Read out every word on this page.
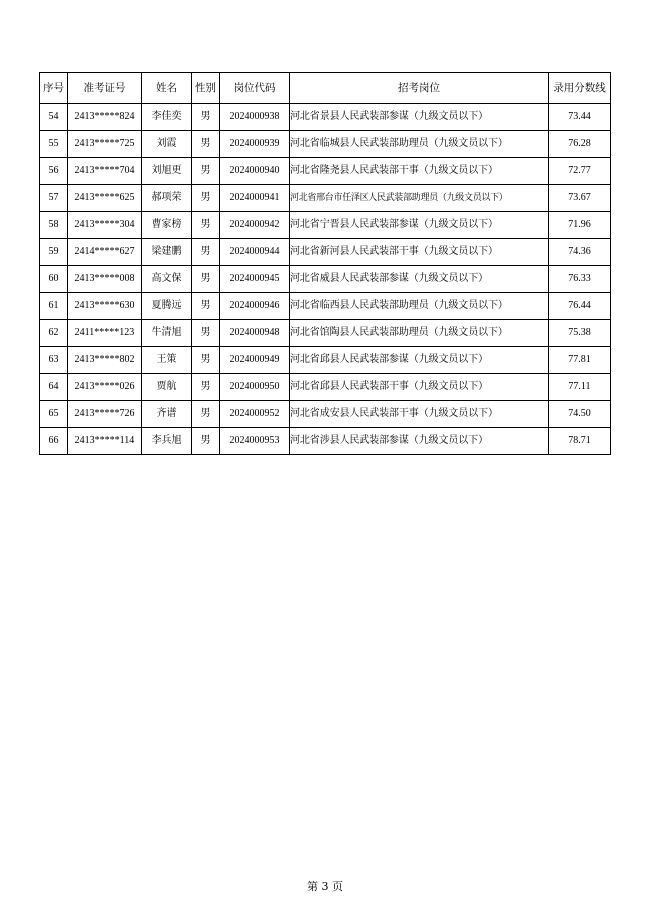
序号	准考证号	姓名	性别	岗位代码	招考岗位	录用分数线
54	2413*****824	李佳奕	男	2024000938	河北省景县人民武装部参谋（九级文员以下）	73.44
55	2413*****725	刘霞	男	2024000939	河北省临城县人民武装部助理员（九级文员以下）	76.28
56	2413*****704	刘旭更	男	2024000940	河北省隆尧县人民武装部干事（九级文员以下）	72.77
57	2413*****625	郝项荣	男	2024000941	河北省邢台市任泽区人民武装部助理员（九级文员以下）	73.67
58	2413*****304	曹家榜	男	2024000942	河北省宁晋县人民武装部参谋（九级文员以下）	71.96
59	2414*****627	梁建鹏	男	2024000944	河北省新河县人民武装部干事（九级文员以下）	74.36
60	2413*****008	高文保	男	2024000945	河北省威县人民武装部参谋（九级文员以下）	76.33
61	2413*****630	夏腾远	男	2024000946	河北省临西县人民武装部助理员（九级文员以下）	76.44
62	2411*****123	牛清旭	男	2024000948	河北省馆陶县人民武装部助理员（九级文员以下）	75.38
63	2413*****802	王策	男	2024000949	河北省邱县人民武装部参谋（九级文员以下）	77.81
64	2413*****026	贾航	男	2024000950	河北省邱县人民武装部干事（九级文员以下）	77.11
65	2413*****726	齐谱	男	2024000952	河北省成安县人民武装部干事（九级文员以下）	74.50
66	2413*****114	李兵旭	男	2024000953	河北省涉县人民武装部参谋（九级文员以下）	78.71
第 3 页
